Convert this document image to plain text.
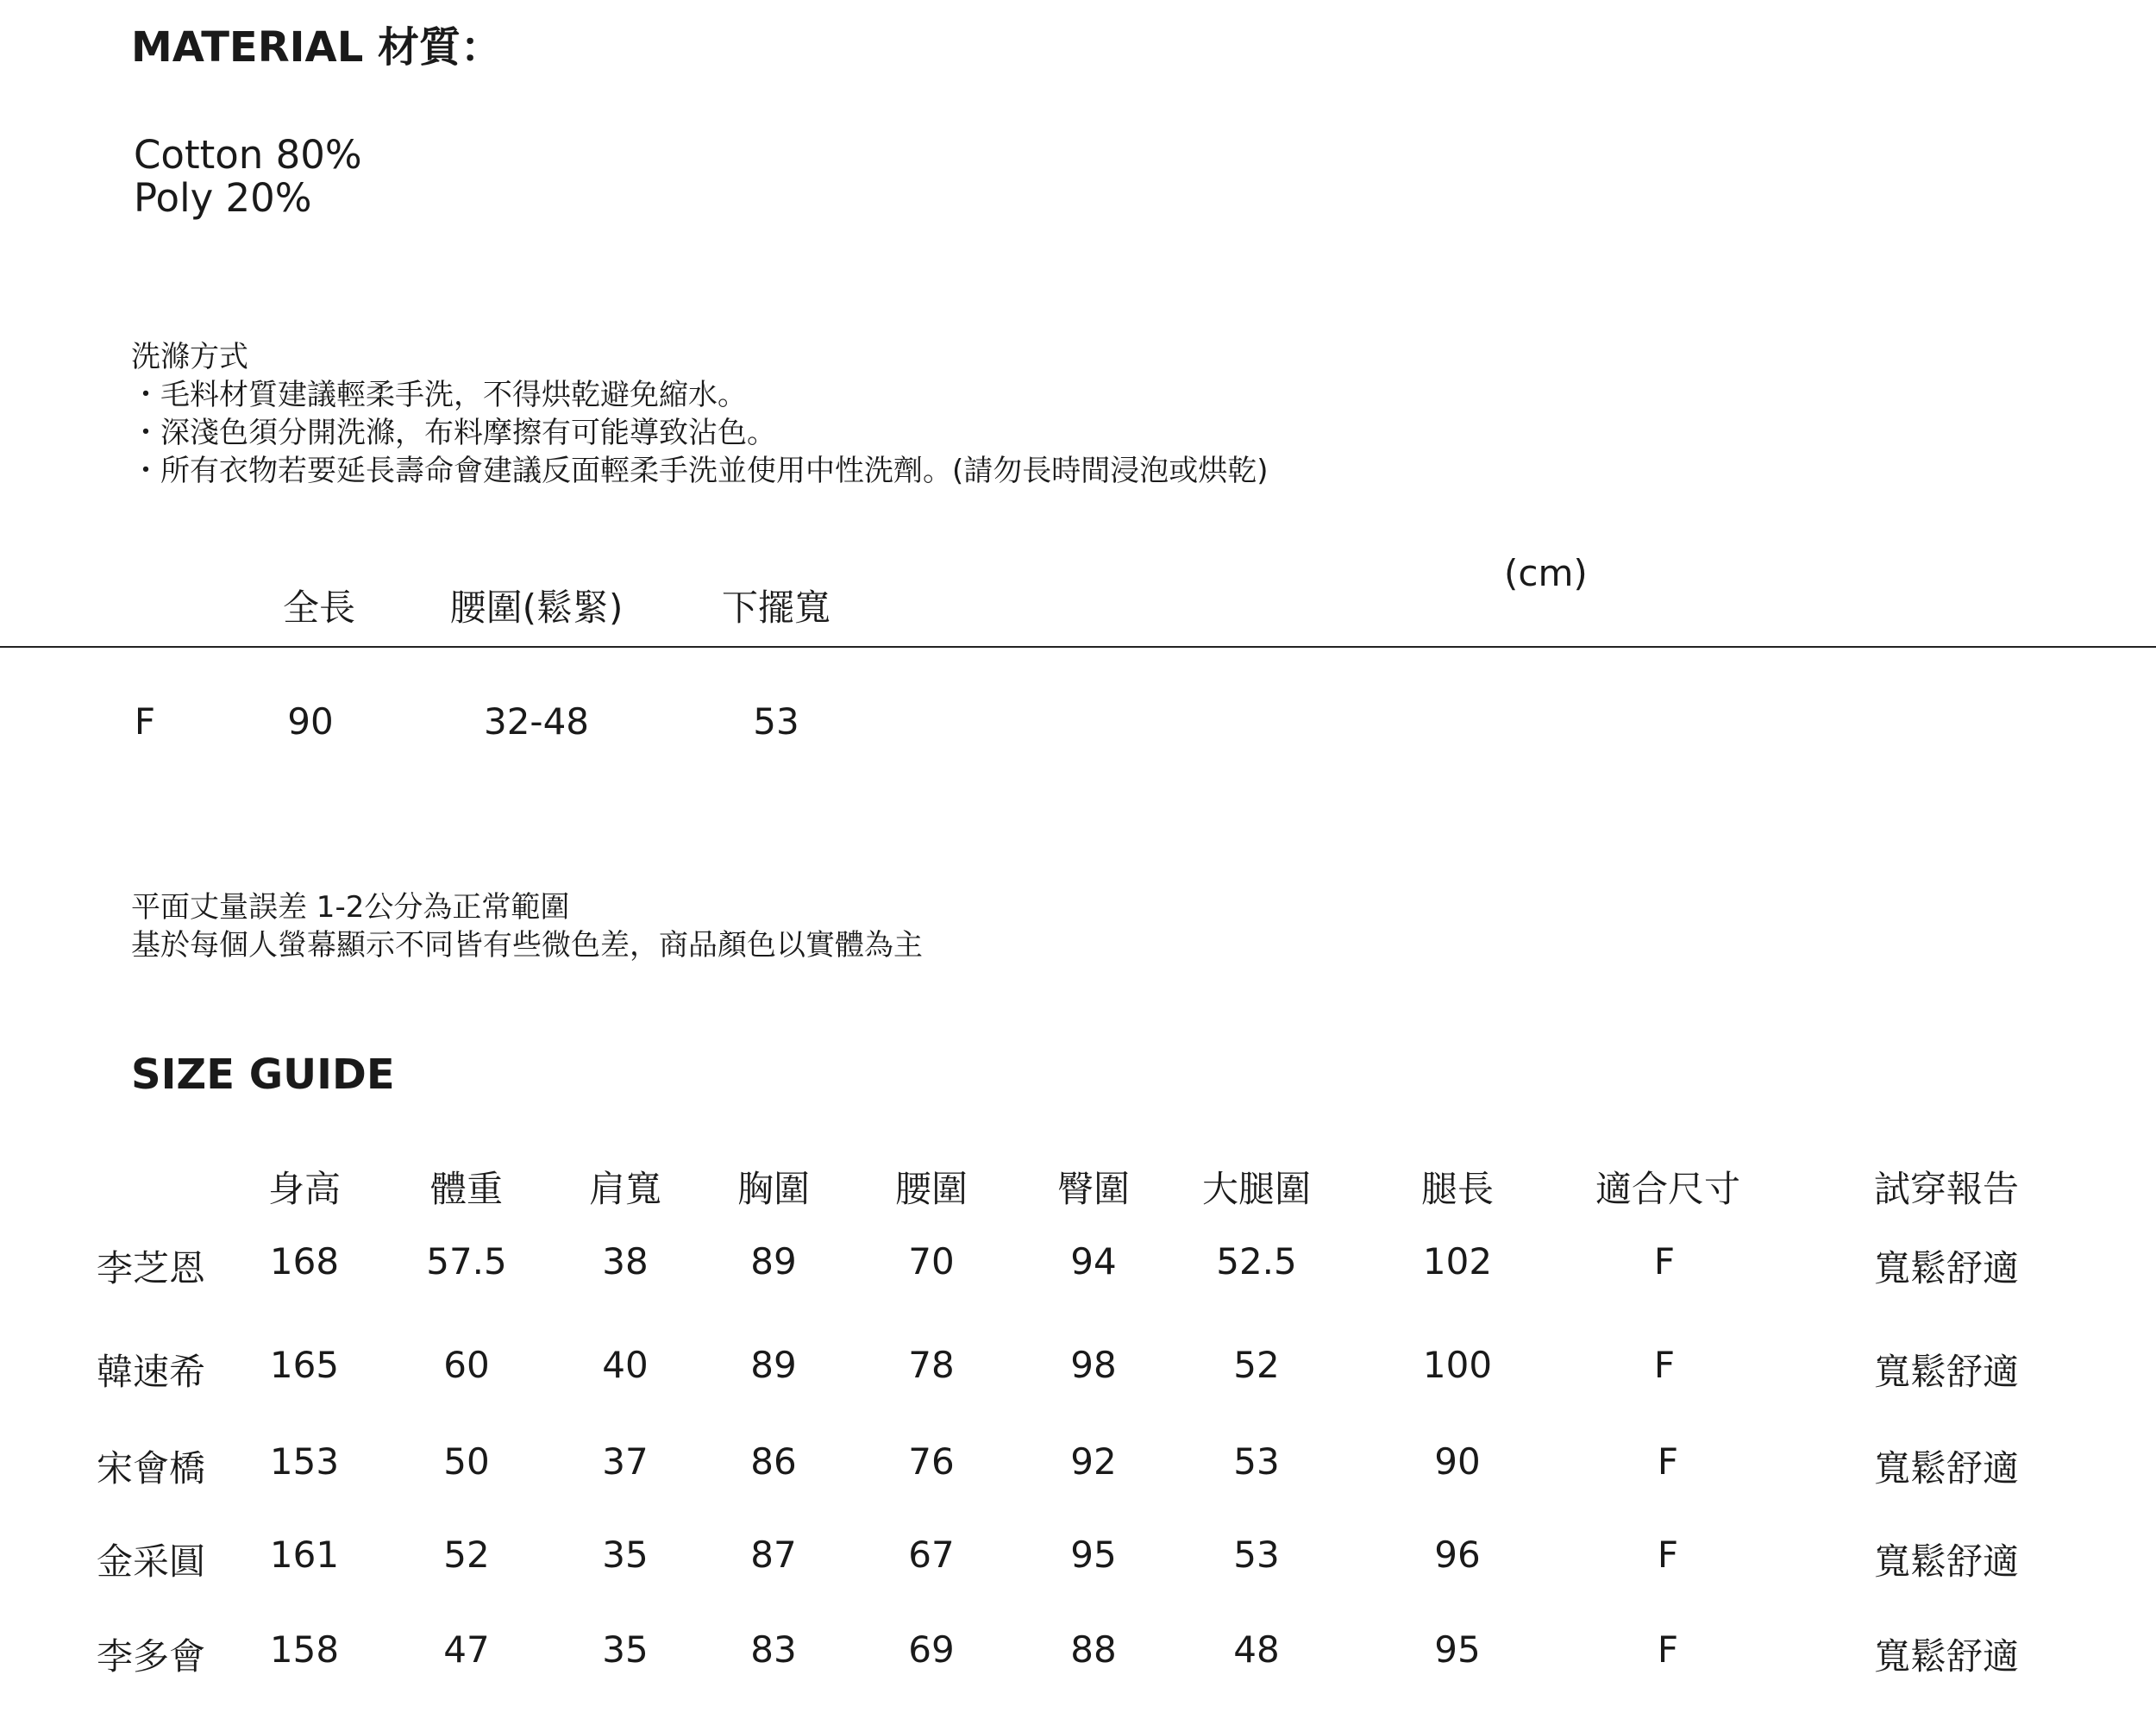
MATERIAL 材質：
Cotton 80%
Poly 20%
洗滌方式
・毛料材質建議輕柔手洗，不得烘乾避免縮水。
・深淺色須分開洗滌，布料摩擦有可能導致沾色。
・所有衣物若要延長壽命會建議反面輕柔手洗並使用中性洗劑。(請勿長時間浸泡或烘乾)
(cm)
全長	腰圍(鬆緊)	下擺寬
F	90	32-48	53
平面丈量誤差 1-2公分為正常範圍
基於每個人螢幕顯示不同皆有些微色差，商品顏色以實體為主
SIZE GUIDE
身高 體重 肩寬 胸圍 腰圍 臀圍 大腿圍	腿長	適合尺寸	試穿報告
李芝恩 168 57.5	38	89	70	94	52.5	102	F	寬鬆舒適
韓速希 165	60	40	89	78	98	52	100	F	寬鬆舒適
宋會橋 153	50	37	86	76	92	53	90	F	寬鬆舒適
金采圓 161	52	35	87	67	95	53	96	F	寬鬆舒適
李多會 158	47	35	83	69	88	48	95	F	寬鬆舒適
